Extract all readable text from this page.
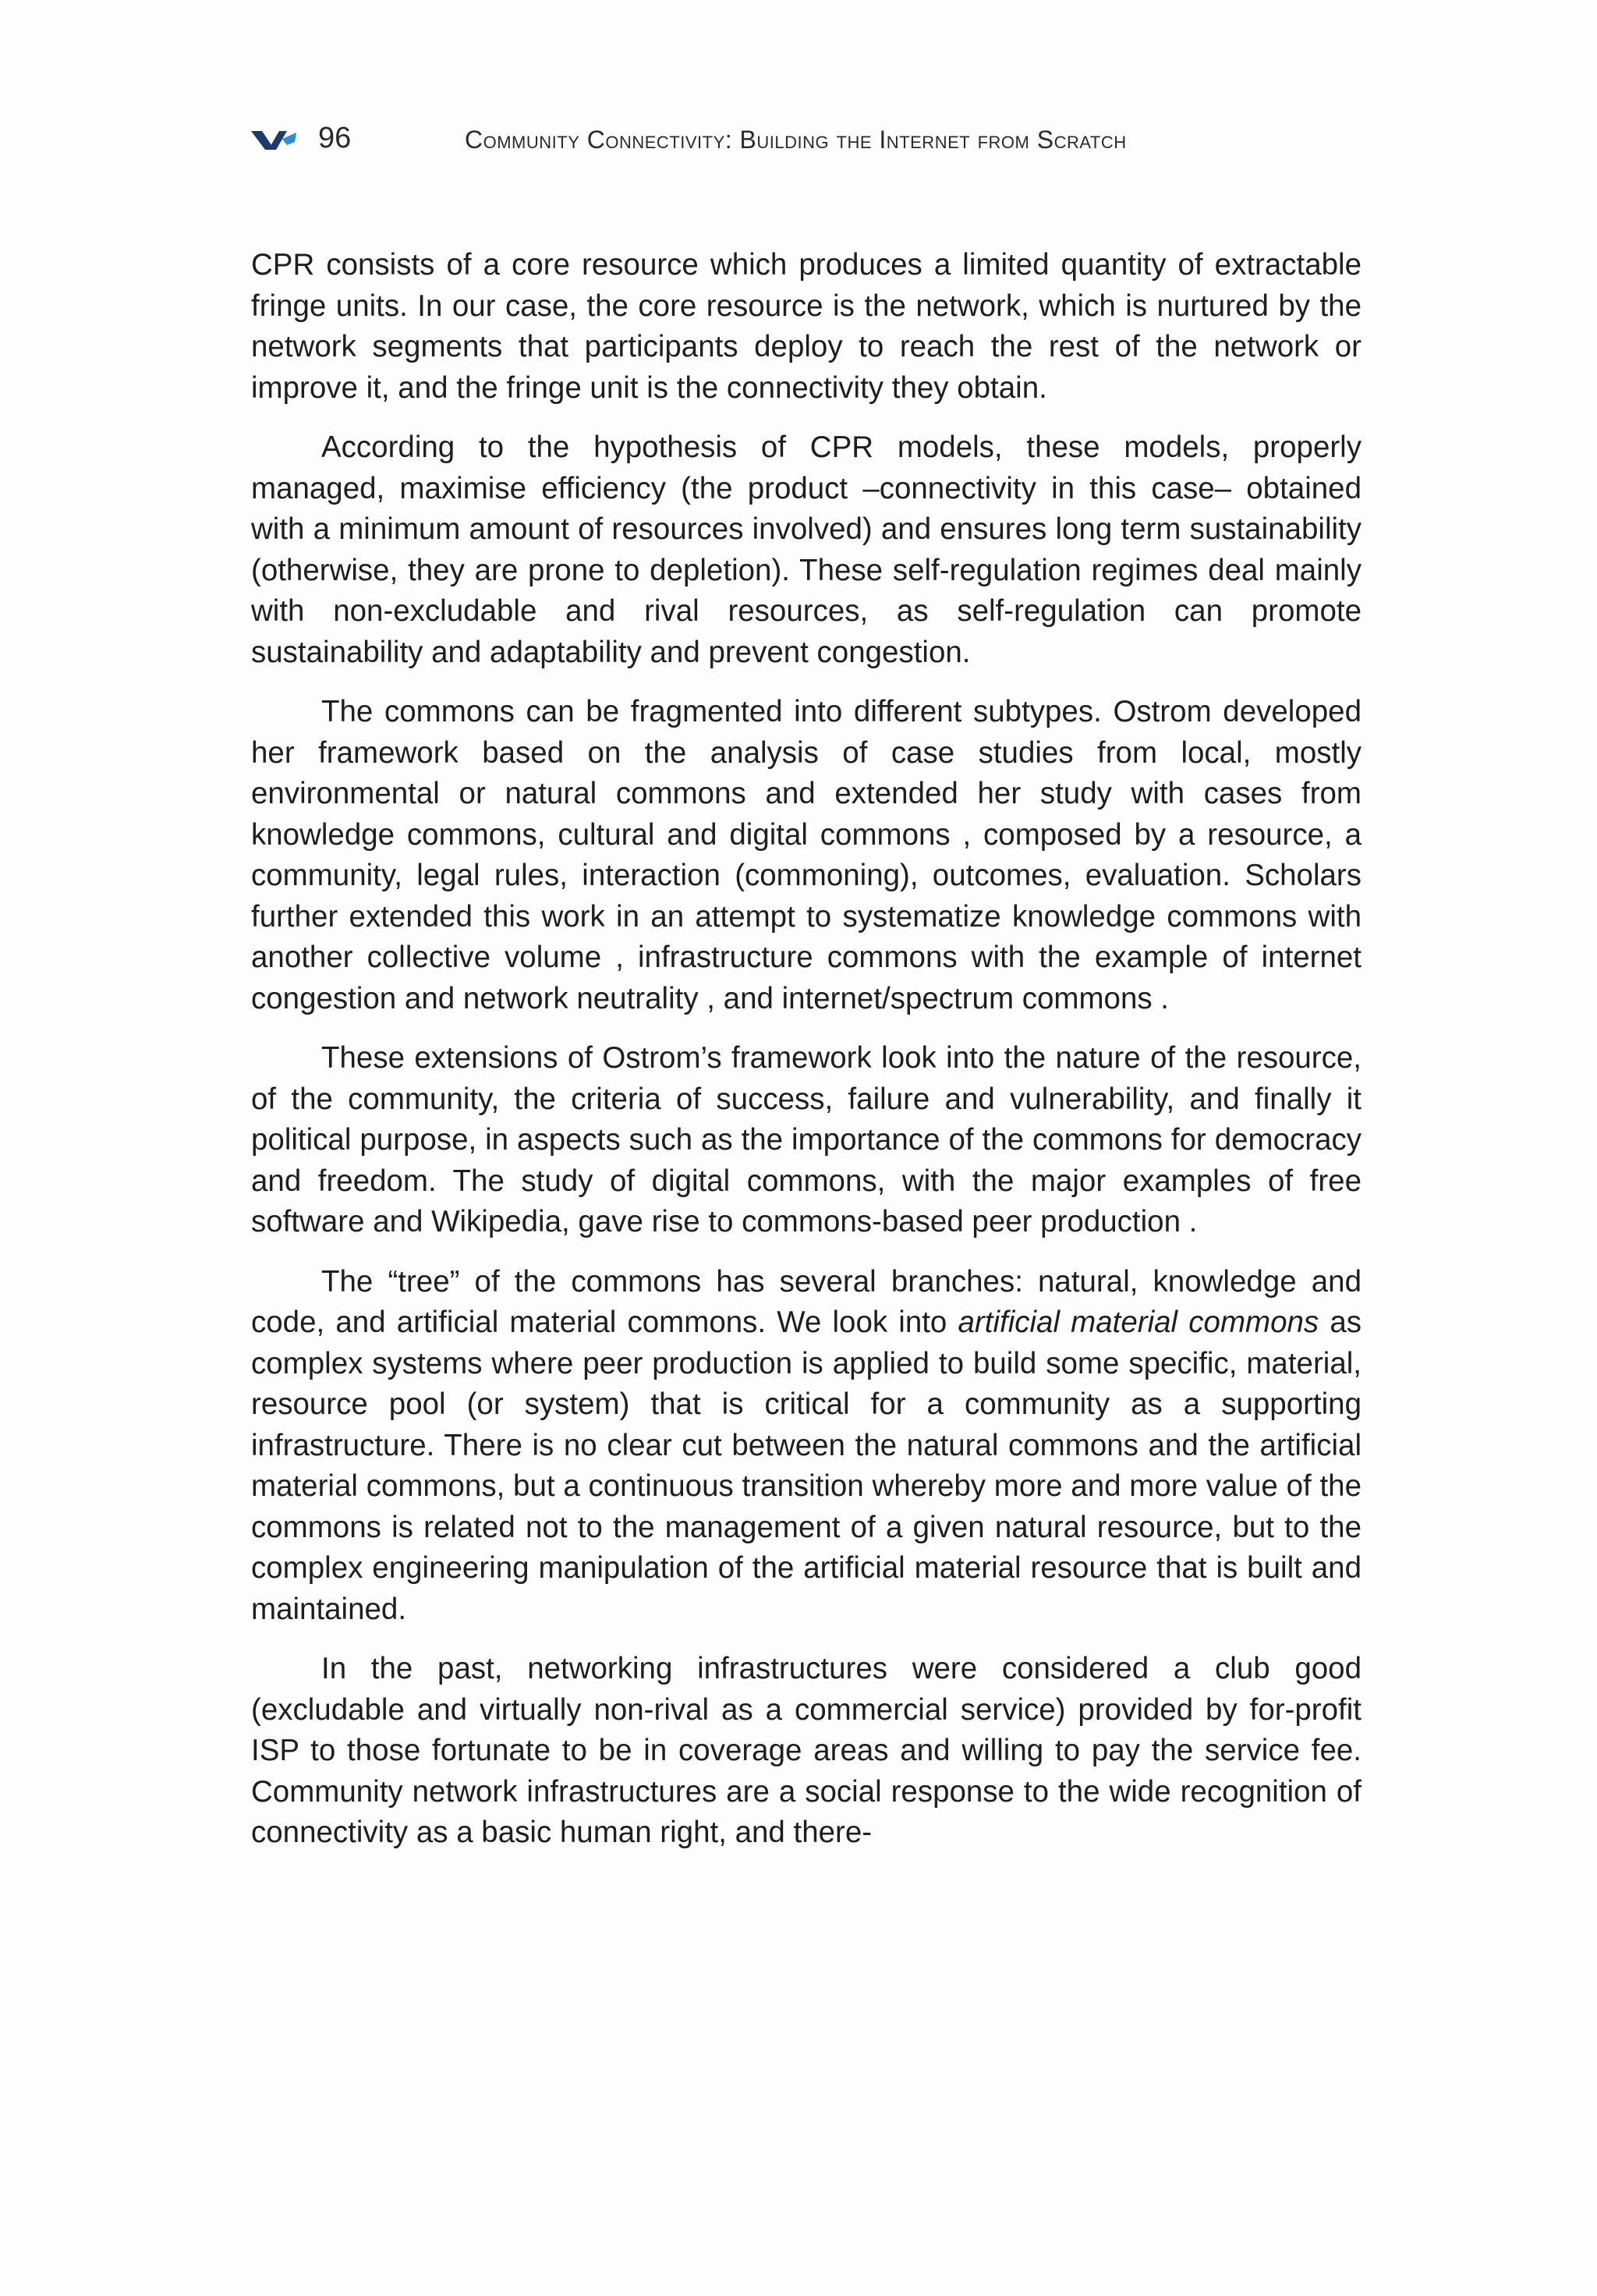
96	Community Connectivity: Building the Internet from Scratch

CPR consists of a core resource which produces a limited quantity of extractable fringe units. In our case, the core resource is the network, which is nurtured by the network segments that participants deploy to reach the rest of the network or improve it, and the fringe unit is the connectivity they obtain.

According to the hypothesis of CPR models, these models, properly managed, maximise efficiency (the product –connectivity in this case– obtained with a minimum amount of resources involved) and ensures long term sustainability (otherwise, they are prone to depletion). These self-regulation regimes deal mainly with non-excludable and rival resources, as self-regulation can promote sustainability and adaptability and prevent congestion.

The commons can be fragmented into different subtypes. Ostrom developed her framework based on the analysis of case studies from local, mostly environmental or natural commons and extended her study with cases from knowledge commons, cultural and digital commons , composed by a resource, a community, legal rules, interaction (commoning), outcomes, evaluation. Scholars further extended this work in an attempt to systematize knowledge commons with another collective volume , infrastructure commons with the example of internet congestion and network neutrality , and internet/spectrum commons .

These extensions of Ostrom’s framework look into the nature of the resource, of the community, the criteria of success, failure and vulnerability, and finally it political purpose, in aspects such as the importance of the commons for democracy and freedom. The study of digital commons, with the major examples of free software and Wikipedia, gave rise to commons-based peer production .

The “tree” of the commons has several branches: natural, knowledge and code, and artificial material commons. We look into artificial material commons as complex systems where peer production is applied to build some specific, material, resource pool (or system) that is critical for a community as a supporting infrastructure. There is no clear cut between the natural commons and the artificial material commons, but a continuous transition whereby more and more value of the commons is related not to the management of a given natural resource, but to the complex engineering manipulation of the artificial material resource that is built and maintained.

In the past, networking infrastructures were considered a club good (excludable and virtually non-rival as a commercial service) provided by for-profit ISP to those fortunate to be in coverage areas and willing to pay the service fee. Community network infrastructures are a social response to the wide recognition of connectivity as a basic human right, and there-
